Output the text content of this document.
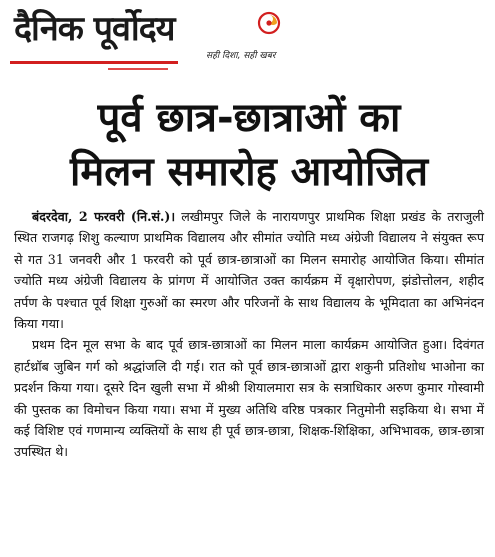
दैनिक पूर्वोदय
सही दिशा, सही खबर
पूर्व छात्र-छात्राओं का
मिलन समारोह आयोजित

बंदरदेवा, 2 फरवरी (नि.सं.)। लखीमपुर जिले के नारायणपुर प्राथमिक शिक्षा प्रखंड के तराजुली स्थित राजगढ़ शिशु कल्याण प्राथमिक विद्यालय और सीमांत ज्योति मध्य अंग्रेजी विद्यालय ने संयुक्त रूप से गत 31 जनवरी और 1 फरवरी को पूर्व छात्र-छात्राओं का मिलन समारोह आयोजित किया। सीमांत ज्योति मध्य अंग्रेजी विद्यालय के प्रांगण में आयोजित उक्त कार्यक्रम में वृक्षारोपण, झंडोत्तोलन, शहीद तर्पण के पश्चात पूर्व शिक्षा गुरुओं का स्मरण और परिजनों के साथ विद्यालय के भूमिदाता का अभिनंदन किया गया।

प्रथम दिन मूल सभा के बाद पूर्व छात्र-छात्राओं का मिलन माला कार्यक्रम आयोजित हुआ। दिवंगत हार्टथ्रॉब जुबिन गर्ग को श्रद्धांजलि दी गई। रात को पूर्व छात्र-छात्राओं द्वारा शकुनी प्रतिशोध भाओना का प्रदर्शन किया गया। दूसरे दिन खुली सभा में श्रीश्री शियालमारा सत्र के सत्राधिकार अरुण कुमार गोस्वामी की पुस्तक का विमोचन किया गया। सभा में मुख्य अतिथि वरिष्ठ पत्रकार नितुमोनी सइकिया थे। सभा में कई विशिष्ट एवं गणमान्य व्यक्तियों के साथ ही पूर्व छात्र-छात्रा, शिक्षक-शिक्षिका, अभिभावक, छात्र-छात्रा उपस्थित थे।
